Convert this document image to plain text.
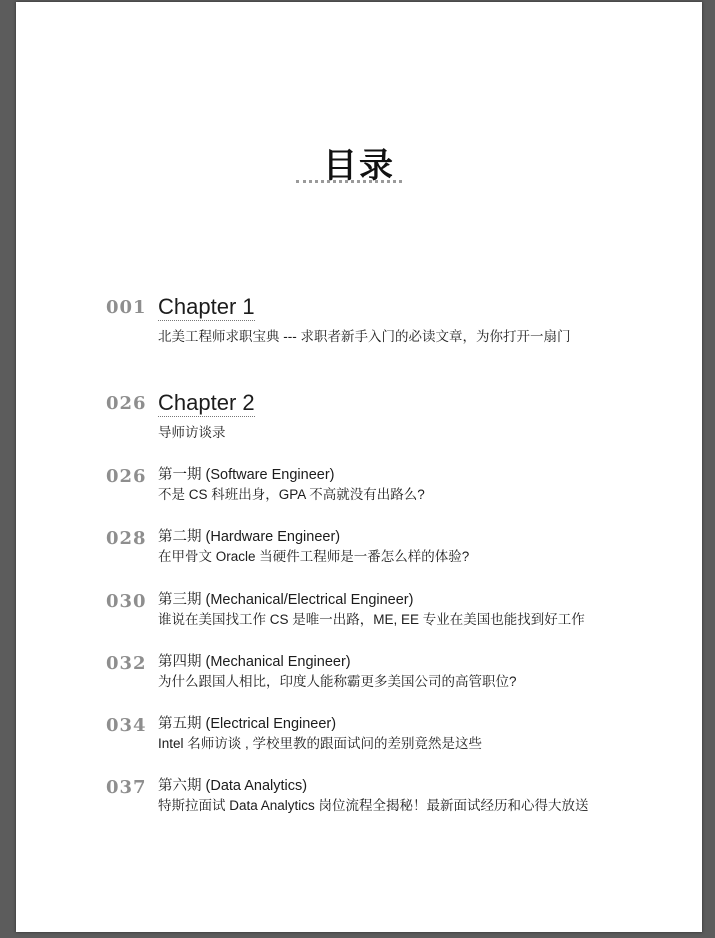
目录
001 Chapter 1
北美工程师求职宝典 --- 求职者新手入门的必读文章，为你打开一扇门
026 Chapter 2
导师访谈录
026 第一期 (Software Engineer)
不是 CS 科班出身，GPA 不高就没有出路么?
028 第二期 (Hardware Engineer)
在甲骨文 Oracle 当硬件工程师是一番怎么样的体验?
030 第三期 (Mechanical/Electrical Engineer)
谁说在美国找工作 CS 是唯一出路，ME, EE 专业在美国也能找到好工作
032 第四期 (Mechanical Engineer)
为什么跟国人相比，印度人能称霸更多美国公司的高管职位?
034 第五期 (Electrical Engineer)
Intel 名师访谈 , 学校里教的跟面试问的差别竟然是这些
037 第六期 (Data Analytics)
特斯拉面试 Data Analytics 岗位流程全揭秘！最新面试经历和心得大放送
